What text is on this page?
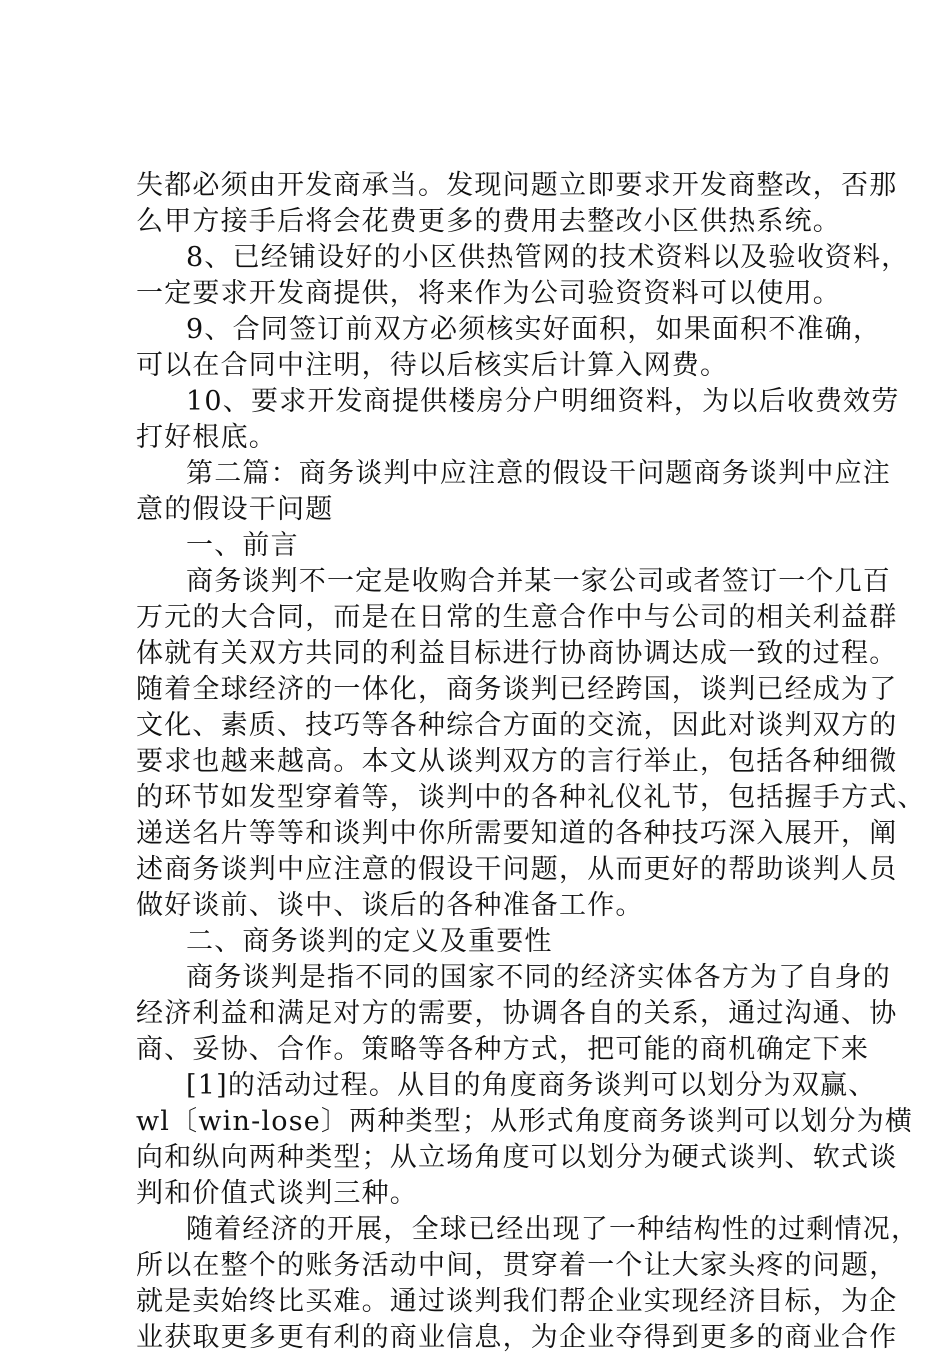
失都必须由开发商承当。发现问题立即要求开发商整改，否那

么甲方接手后将会花费更多的费用去整改小区供热系统。

8、已经铺设好的小区供热管网的技术资料以及验收资料，

一定要求开发商提供，将来作为公司验资资料可以使用。

9、合同签订前双方必须核实好面积，如果面积不准确，

可以在合同中注明，待以后核实后计算入网费。

10、要求开发商提供楼房分户明细资料，为以后收费效劳

打好根底。

第二篇：商务谈判中应注意的假设干问题商务谈判中应注

意的假设干问题

一、前言

商务谈判不一定是收购合并某一家公司或者签订一个几百

万元的大合同，而是在日常的生意合作中与公司的相关利益群

体就有关双方共同的利益目标进行协商协调达成一致的过程。

随着全球经济的一体化，商务谈判已经跨国，谈判已经成为了

文化、素质、技巧等各种综合方面的交流，因此对谈判双方的

要求也越来越高。本文从谈判双方的言行举止，包括各种细微

的环节如发型穿着等，谈判中的各种礼仪礼节，包括握手方式、

递送名片等等和谈判中你所需要知道的各种技巧深入展开，阐

述商务谈判中应注意的假设干问题，从而更好的帮助谈判人员

做好谈前、谈中、谈后的各种准备工作。

二、商务谈判的定义及重要性

商务谈判是指不同的国家不同的经济实体各方为了自身的

经济利益和满足对方的需要，协调各自的关系，通过沟通、协

商、妥协、合作。策略等各种方式，把可能的商机确定下来

[1]的活动过程。从目的角度商务谈判可以划分为双赢、

wl〔win-lose〕两种类型；从形式角度商务谈判可以划分为横

向和纵向两种类型；从立场角度可以划分为硬式谈判、软式谈

判和价值式谈判三种。

随着经济的开展，全球已经出现了一种结构性的过剩情况，

所以在整个的账务活动中间，贯穿着一个让大家头疼的问题，

就是卖始终比买难。通过谈判我们帮企业实现经济目标，为企

业获取更多更有利的商业信息，为企业夺得到更多的商业合作
